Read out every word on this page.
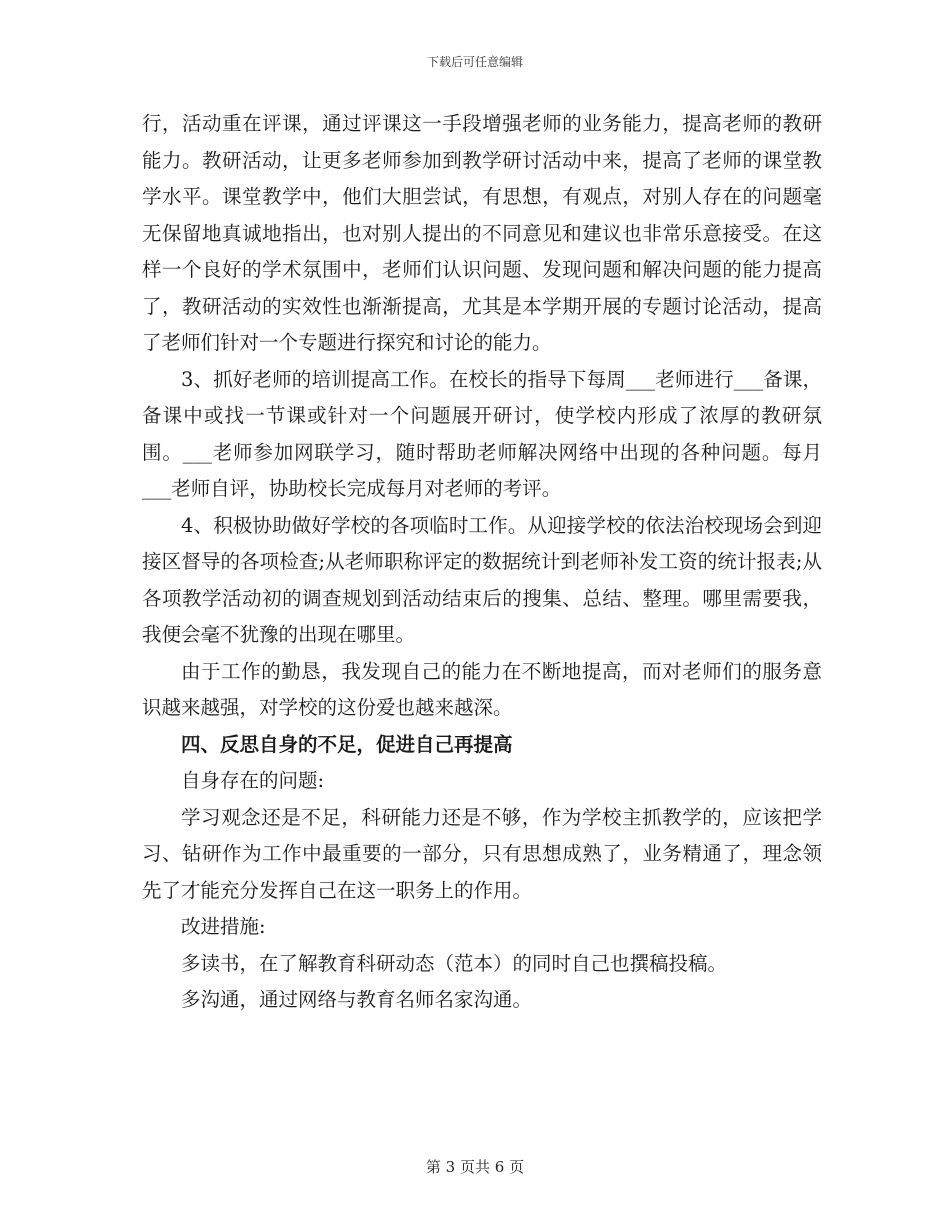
下载后可任意编辑

行，活动重在评课，通过评课这一手段增强老师的业务能力，提高老师的教研能力。教研活动，让更多老师参加到教学研讨活动中来，提高了老师的课堂教学水平。课堂教学中，他们大胆尝试，有思想，有观点，对别人存在的问题毫无保留地真诚地指出，也对别人提出的不同意见和建议也非常乐意接受。在这样一个良好的学术氛围中，老师们认识问题、发现问题和解决问题的能力提高了，教研活动的实效性也渐渐提高，尤其是本学期开展的专题讨论活动，提高了老师们针对一个专题进行探究和讨论的能力。

3、抓好老师的培训提高工作。在校长的指导下每周___老师进行___备课，备课中或找一节课或针对一个问题展开研讨，使学校内形成了浓厚的教研氛围。___老师参加网联学习，随时帮助老师解决网络中出现的各种问题。每月___老师自评，协助校长完成每月对老师的考评。

4、积极协助做好学校的各项临时工作。从迎接学校的依法治校现场会到迎接区督导的各项检查;从老师职称评定的数据统计到老师补发工资的统计报表;从各项教学活动初的调查规划到活动结束后的搜集、总结、整理。哪里需要我，我便会毫不犹豫的出现在哪里。

由于工作的勤恳，我发现自己的能力在不断地提高，而对老师们的服务意识越来越强，对学校的这份爱也越来越深。

四、反思自身的不足，促进自己再提高

自身存在的问题:

学习观念还是不足，科研能力还是不够，作为学校主抓教学的，应该把学习、钻研作为工作中最重要的一部分，只有思想成熟了，业务精通了，理念领先了才能充分发挥自己在这一职务上的作用。

改进措施:

多读书，在了解教育科研动态（范本）的同时自己也撰稿投稿。

多沟通，通过网络与教育名师名家沟通。

第 3 页共 6 页
